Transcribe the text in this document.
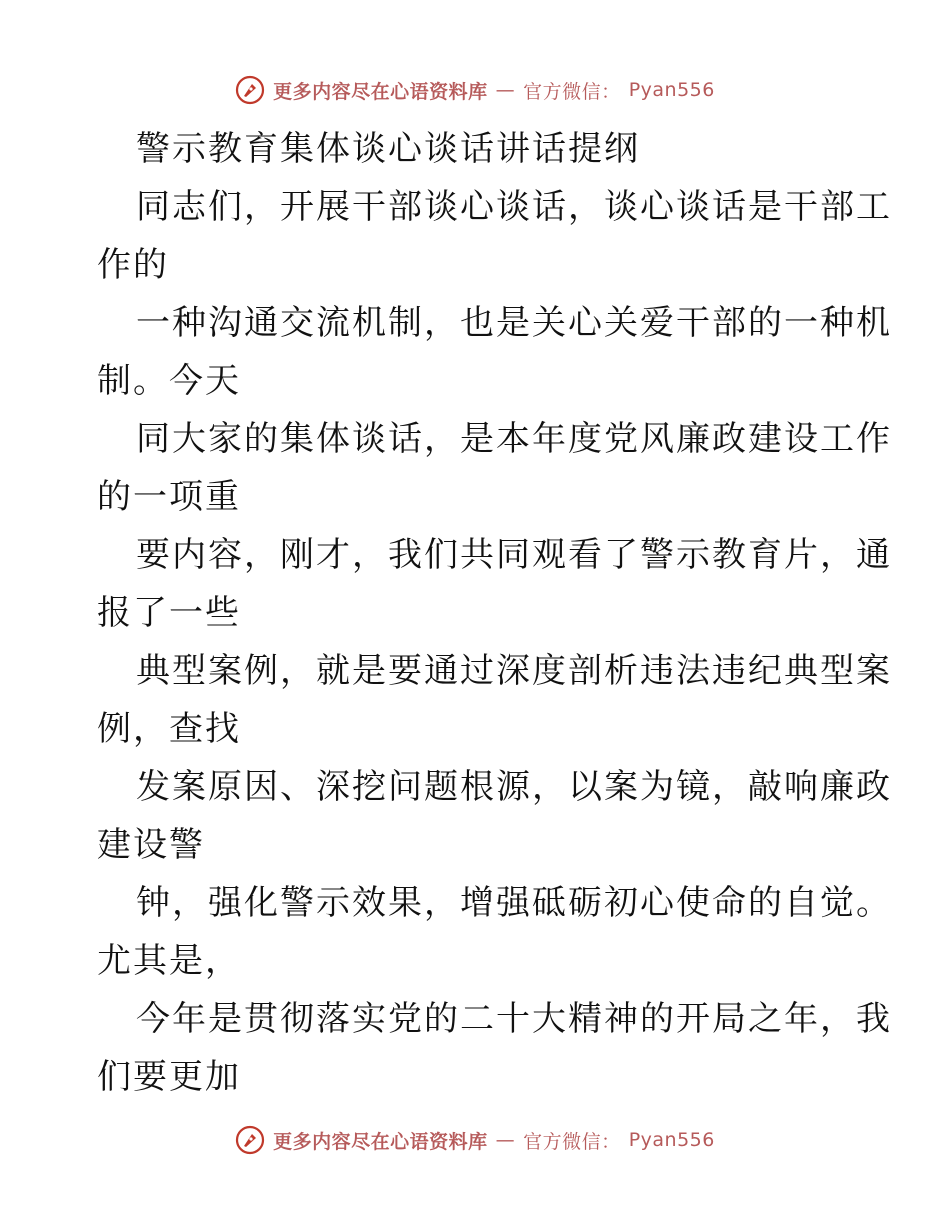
更多内容尽在心语资料库 — 官方微信： Pyan556
警示教育集体谈心谈话讲话提纲
同志们，开展干部谈心谈话，谈心谈话是干部工
作的
一种沟通交流机制，也是关心关爱干部的一种机
制。今天
同大家的集体谈话，是本年度党风廉政建设工作
的一项重
要内容，刚才，我们共同观看了警示教育片，通
报了一些
典型案例，就是要通过深度剖析违法违纪典型案
例，查找
发案原因、深挖问题根源，以案为镜，敲响廉政
建设警
钟，强化警示效果，增强砥砺初心使命的自觉。
尤其是，
今年是贯彻落实党的二十大精神的开局之年，我
们要更加
更多内容尽在心语资料库 — 官方微信： Pyan556
